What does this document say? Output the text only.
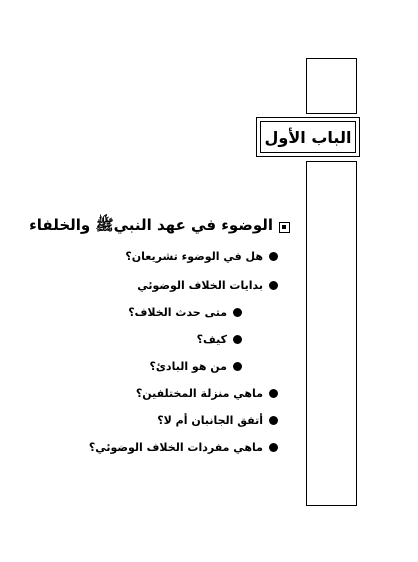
الباب الأول
الوضوء في عهد النبيﷺ والخلفاء
هل في الوضوء تشريعان؟
بدايات الخلاف الوضوئي
متى حدث الخلاف؟
كيف؟
من هو البادئ؟
ماهي منزلة المختلفين؟
أتفق الجانبان أم لا؟
ماهي مفردات الخلاف الوضوئي؟
